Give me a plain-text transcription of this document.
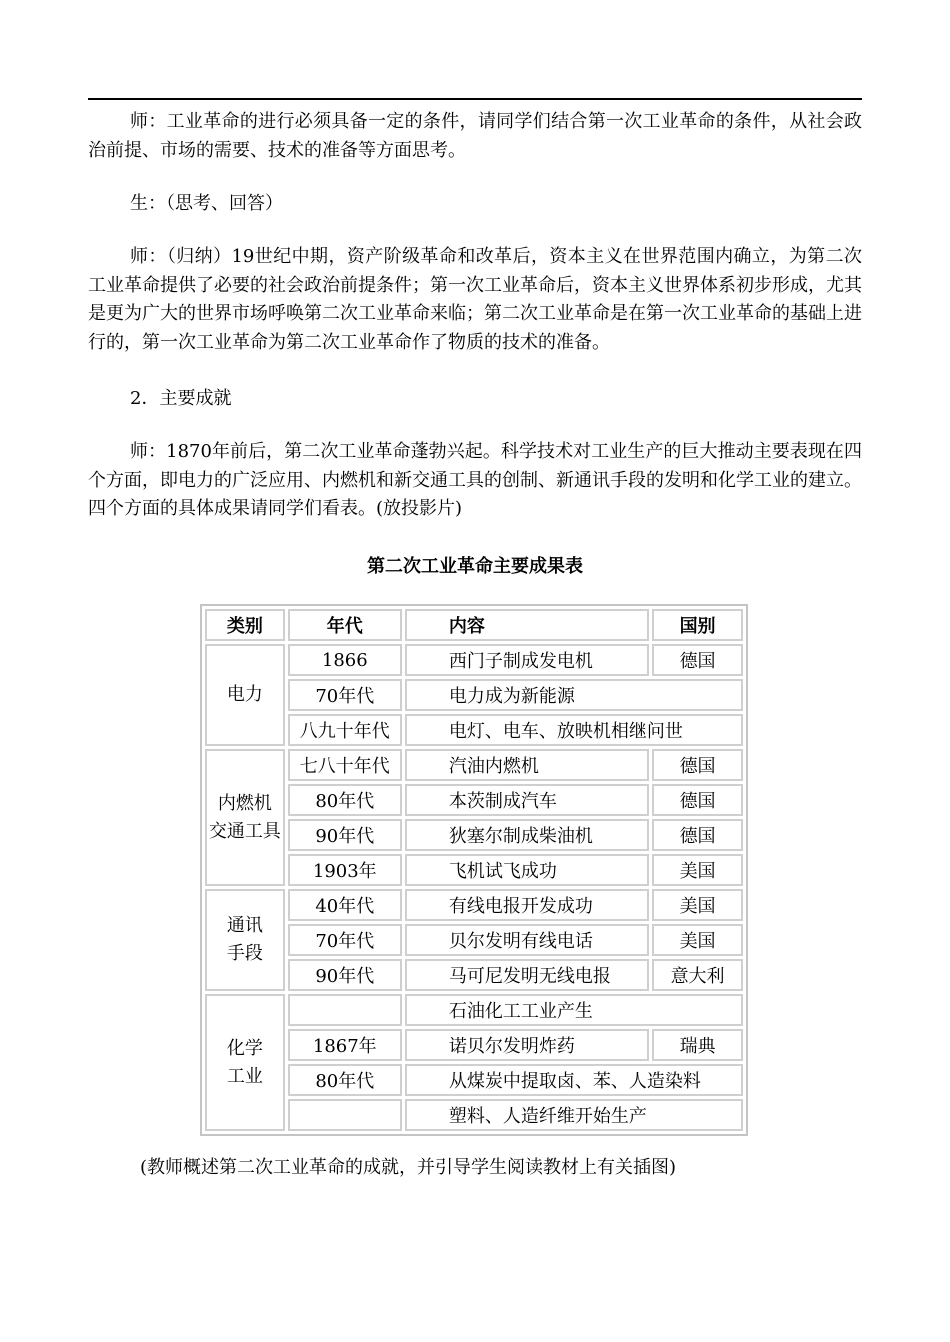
师：工业革命的进行必须具备一定的条件，请同学们结合第一次工业革命的条件，从社会政治前提、市场的需要、技术的准备等方面思考。

生：（思考、回答）

师：（归纳）19世纪中期，资产阶级革命和改革后，资本主义在世界范围内确立，为第二次工业革命提供了必要的社会政治前提条件；第一次工业革命后，资本主义世界体系初步形成，尤其是更为广大的世界市场呼唤第二次工业革命来临；第二次工业革命是在第一次工业革命的基础上进行的，第一次工业革命为第二次工业革命作了物质的技术的准备。

2．主要成就

师：1870年前后，第二次工业革命蓬勃兴起。科学技术对工业生产的巨大推动主要表现在四个方面，即电力的广泛应用、内燃机和新交通工具的创制、新通讯手段的发明和化学工业的建立。四个方面的具体成果请同学们看表。(放投影片)

第二次工业革命主要成果表
类别	年代	内容	国别
电力	1866	西门子制成发电机	德国
	70年代	电力成为新能源	
	八九十年代	电灯、电车、放映机相继问世	
内燃机
交通工具	七八十年代	汽油内燃机	德国
	80年代	本茨制成汽车	德国
	90年代	狄塞尔制成柴油机	德国
	1903年	飞机试飞成功	美国
通讯
手段	40年代	有线电报开发成功	美国
	70年代	贝尔发明有线电话	美国
	90年代	马可尼发明无线电报	意大利
化学
工业		石油化工工业产生	
	1867年	诺贝尔发明炸药	瑞典
	80年代	从煤炭中提取卤、苯、人造染料	
		塑料、人造纤维开始生产	
(教师概述第二次工业革命的成就，并引导学生阅读教材上有关插图)
